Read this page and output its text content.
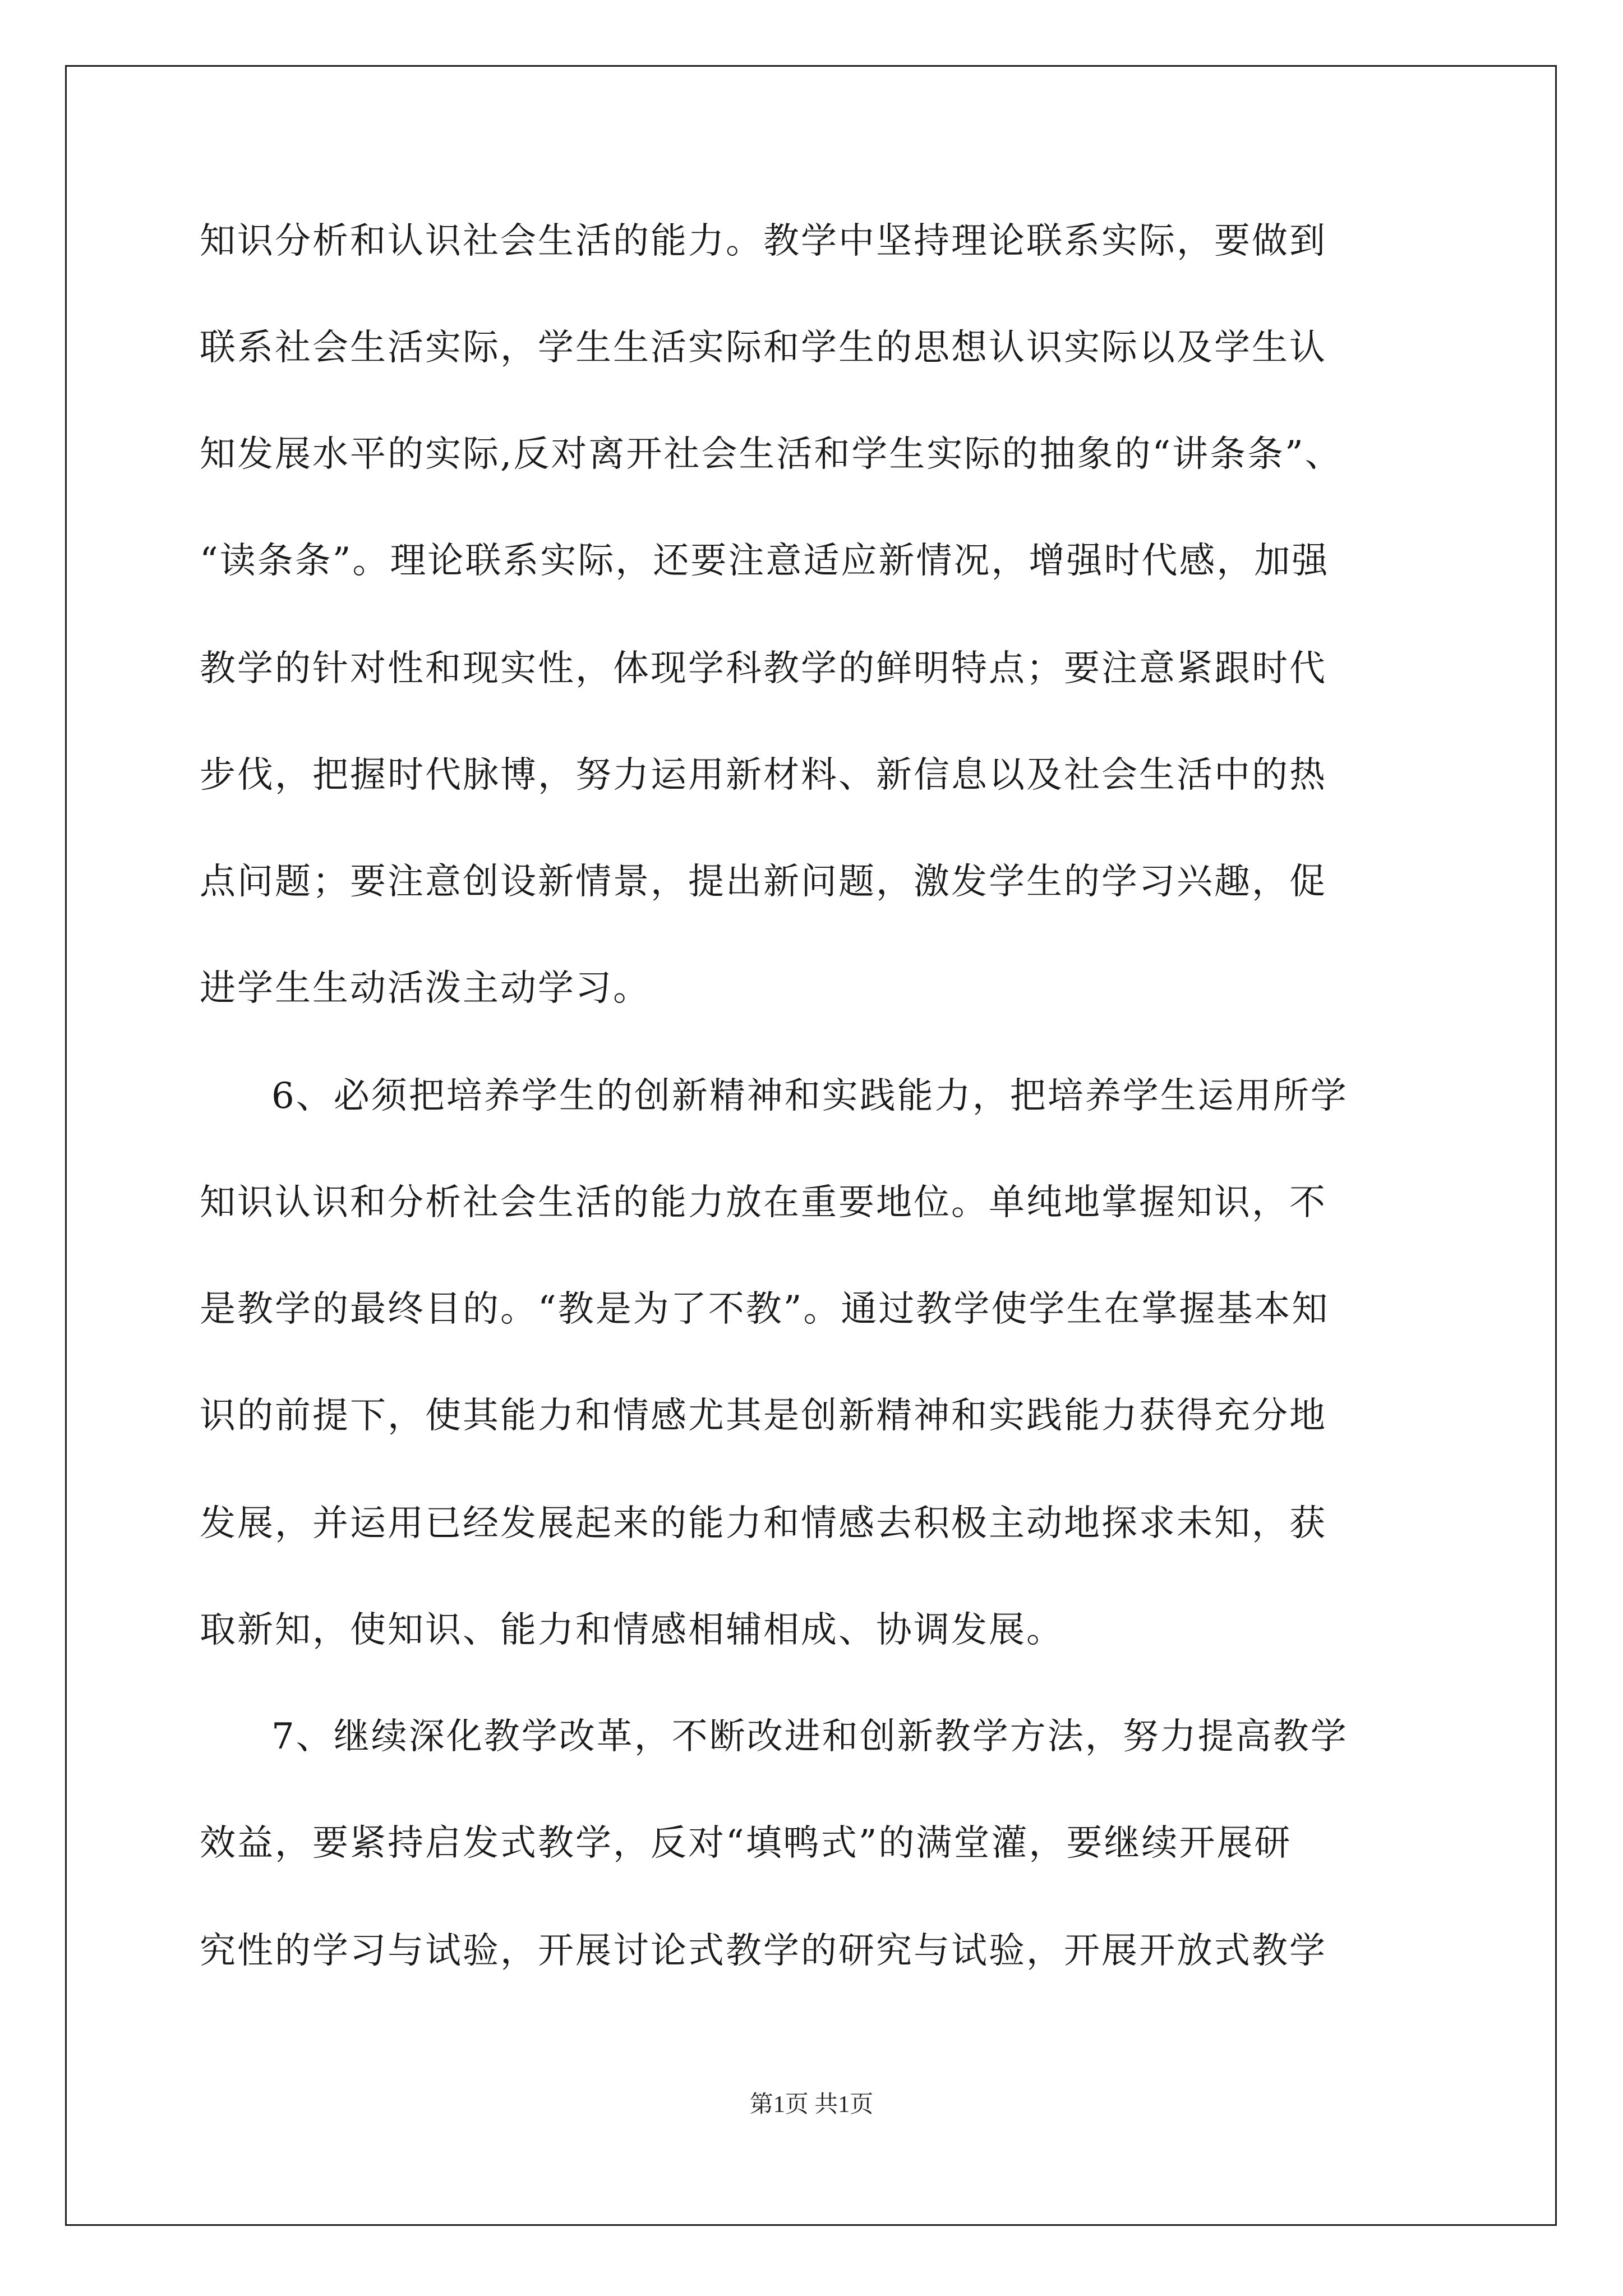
知识分析和认识社会生活的能力。教学中坚持理论联系实际，要做到
联系社会生活实际，学生生活实际和学生的思想认识实际以及学生认
知发展水平的实际,反对离开社会生活和学生实际的抽象的“讲条条”、
“读条条”。理论联系实际，还要注意适应新情况，增强时代感，加强
教学的针对性和现实性，体现学科教学的鲜明特点；要注意紧跟时代
步伐，把握时代脉博，努力运用新材料、新信息以及社会生活中的热
点问题；要注意创设新情景，提出新问题，激发学生的学习兴趣，促
进学生生动活泼主动学习。
6、必须把培养学生的创新精神和实践能力，把培养学生运用所学
知识认识和分析社会生活的能力放在重要地位。单纯地掌握知识，不
是教学的最终目的。“教是为了不教”。通过教学使学生在掌握基本知
识的前提下，使其能力和情感尤其是创新精神和实践能力获得充分地
发展，并运用已经发展起来的能力和情感去积极主动地探求未知，获
取新知，使知识、能力和情感相辅相成、协调发展。
7、继续深化教学改革，不断改进和创新教学方法，努力提高教学
效益，要紧持启发式教学，反对“填鸭式”的满堂灌，要继续开展研
究性的学习与试验，开展讨论式教学的研究与试验，开展开放式教学
第1页 共1页
